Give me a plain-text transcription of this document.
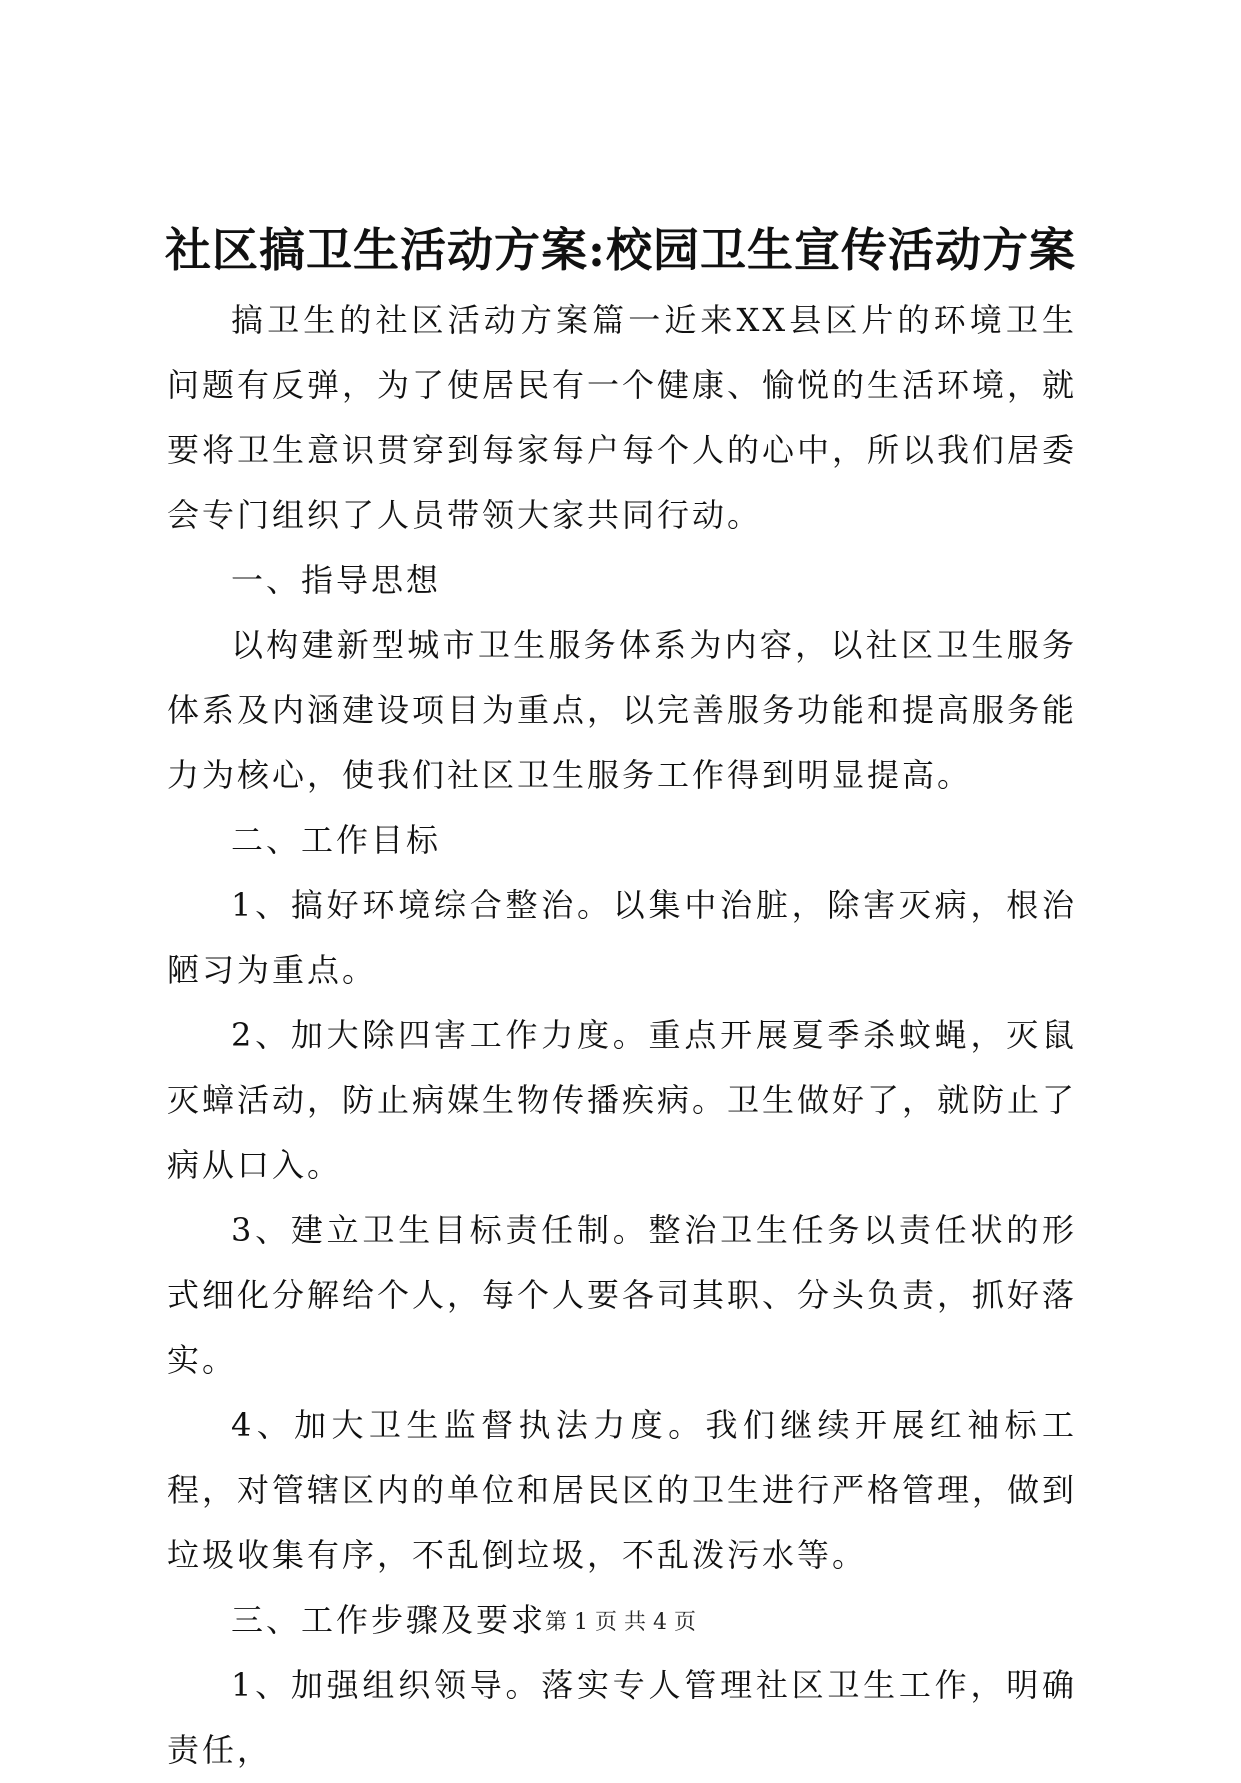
社区搞卫生活动方案:校园卫生宣传活动方案

搞卫生的社区活动方案篇一近来XX县区片的环境卫生问题有反弹，为了使居民有一个健康、愉悦的生活环境，就要将卫生意识贯穿到每家每户每个人的心中，所以我们居委会专门组织了人员带领大家共同行动。

一、指导思想

以构建新型城市卫生服务体系为内容，以社区卫生服务体系及内涵建设项目为重点，以完善服务功能和提高服务能力为核心，使我们社区卫生服务工作得到明显提高。

二、工作目标

1、搞好环境综合整治。以集中治脏，除害灭病，根治陋习为重点。

2、加大除四害工作力度。重点开展夏季杀蚊蝇，灭鼠灭蟑活动，防止病媒生物传播疾病。卫生做好了，就防止了病从口入。

3、建立卫生目标责任制。整治卫生任务以责任状的形式细化分解给个人，每个人要各司其职、分头负责，抓好落实。

4、加大卫生监督执法力度。我们继续开展红袖标工程，对管辖区内的单位和居民区的卫生进行严格管理，做到垃圾收集有序，不乱倒垃圾，不乱泼污水等。

三、工作步骤及要求

1、加强组织领导。落实专人管理社区卫生工作，明确责任，

第 1 页 共 4 页
